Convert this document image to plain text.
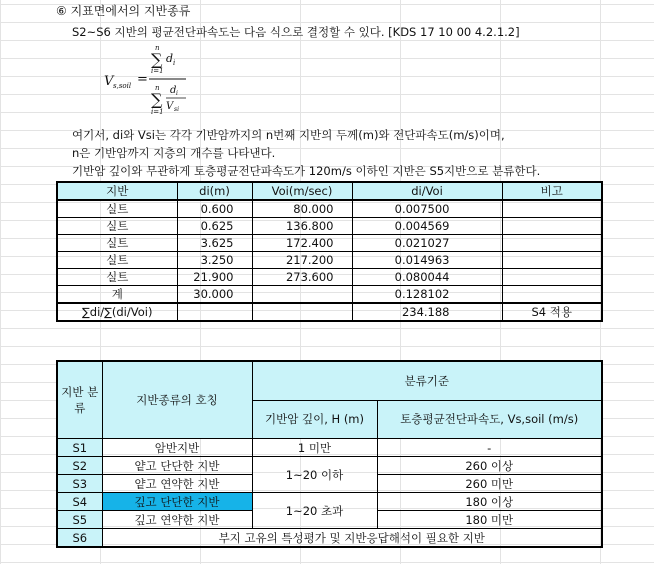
⑥ 지표면에서의 지반종류
S2~S6 지반의 평균전단파속도는 다음 식으로 결정할 수 있다. [KDS 17 10 00 4.2.1.2]
V s,soil =
n
∑
i=1
d i
n
∑
i=1
d i
V si
여기서, di와 Vsi는 각각 기반암까지의 n번째 지반의 두께(m)와 전단파속도(m/s)이며,
n은 기반암까지 지층의 개수를 나타낸다.
기반암 깊이와 무관하게 토층평균전단파속도가 120m/s 이하인 지반은 S5지반으로 분류한다.
지반	di(m)	Voi(m/sec)	di/Voi	비고
실트	0.600	80.000	0.007500	
실트	0.625	136.800	0.004569	
실트	3.625	172.400	0.021027	
실트	3.250	217.200	0.014963	
실트	21.900	273.600	0.080044	
계	30.000		0.128102	
∑di/∑(di/Voi)			234.188	S4 적용
지반 분류	지반종류의 호칭	분류기준	
		기반암 깊이, H (m)	토층평균전단파속도, Vs,soil (m/s)
S1	암반지반	1 미만	-
S2	얕고 단단한 지반	1~20 이하	260 이상
S3	얕고 연약한 지반		260 미만
S4	깊고 단단한 지반	1~20 초과	180 이상
S5	깊고 연약한 지반		180 미만
S6	부지 고유의 특성평가 및 지반응답해석이 필요한 지반		
